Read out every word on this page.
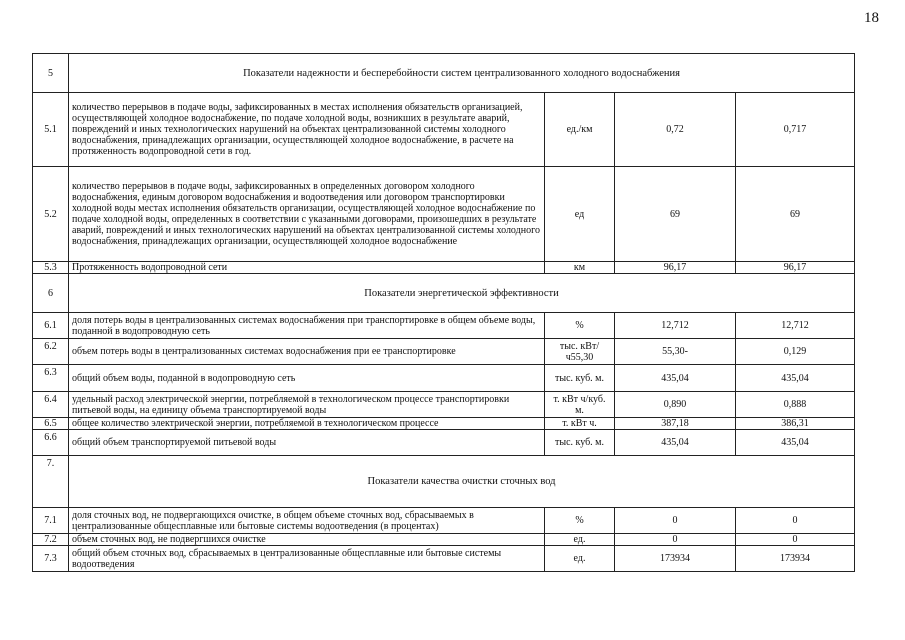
18
5	Показатели надежности и бесперебойности систем централизованного холодного водоснабжения			
5.1	количество перерывов в подаче воды, зафиксированных в местах исполнения обязательств организацией, осуществляющей холодное водоснабжение, по подаче холодной воды, возникших в результате аварий, повреждений и иных технологических нарушений на объектах централизованной системы холодного водоснабжения, принадлежащих организации, осуществляющей холодное водоснабжение, в расчете на протяженность водопроводной сети в год.	ед./км	0,72	0,717
5.2	количество перерывов в подаче воды, зафиксированных в определенных договором холодного водоснабжения, единым договором водоснабжения и водоотведения или договором транспортировки холодной воды местах исполнения обязательств организации, осуществляющей холодное водоснабжение по подаче холодной воды, определенных в соответствии с указанными договорами, произошедших в результате аварий, повреждений и иных технологических нарушений на объектах централизованной системы холодного водоснабжения, принадлежащих организации, осуществляющей холодное водоснабжение	ед	69	69
5.3	Протяженность водопроводной сети	км	96,17	96,17
6	Показатели энергетической эффективности			
6.1	доля потерь воды в централизованных системах водоснабжения при транспортировке в общем объеме воды, поданной в водопроводную сеть	%	12,712	12,712
6.2	объем потерь воды в централизованных системах водоснабжения при ее транспортировке	тыс. кВт/ч55,30	55,30-	0,129
6.3	общий объем воды, поданной в водопроводную сеть	тыс. куб. м.	435,04	435,04
6.4	удельный расход электрической энергии, потребляемой в технологическом процессе транспортировки питьевой воды, на единицу объема транспортируемой воды	т. кВт ч/куб. м.	0,890	0,888
6.5	общее количество электрической энергии, потребляемой в технологическом процессе	т. кВт ч.	387,18	386,31
6.6	общий объем транспортируемой питьевой воды	тыс. куб. м.	435,04	435,04
7.	Показатели качества очистки сточных вод			
7.1	доля сточных вод, не подвергающихся очистке, в общем объеме сточных вод, сбрасываемых в централизованные общесплавные или бытовые системы водоотведения (в процентах)	%	0	0
7.2	объем сточных вод, не подвергшихся очистке	ед.	0	0
7.3	общий объем сточных вод, сбрасываемых в централизованные общесплавные или бытовые системы водоотведения	ед.	173934	173934
